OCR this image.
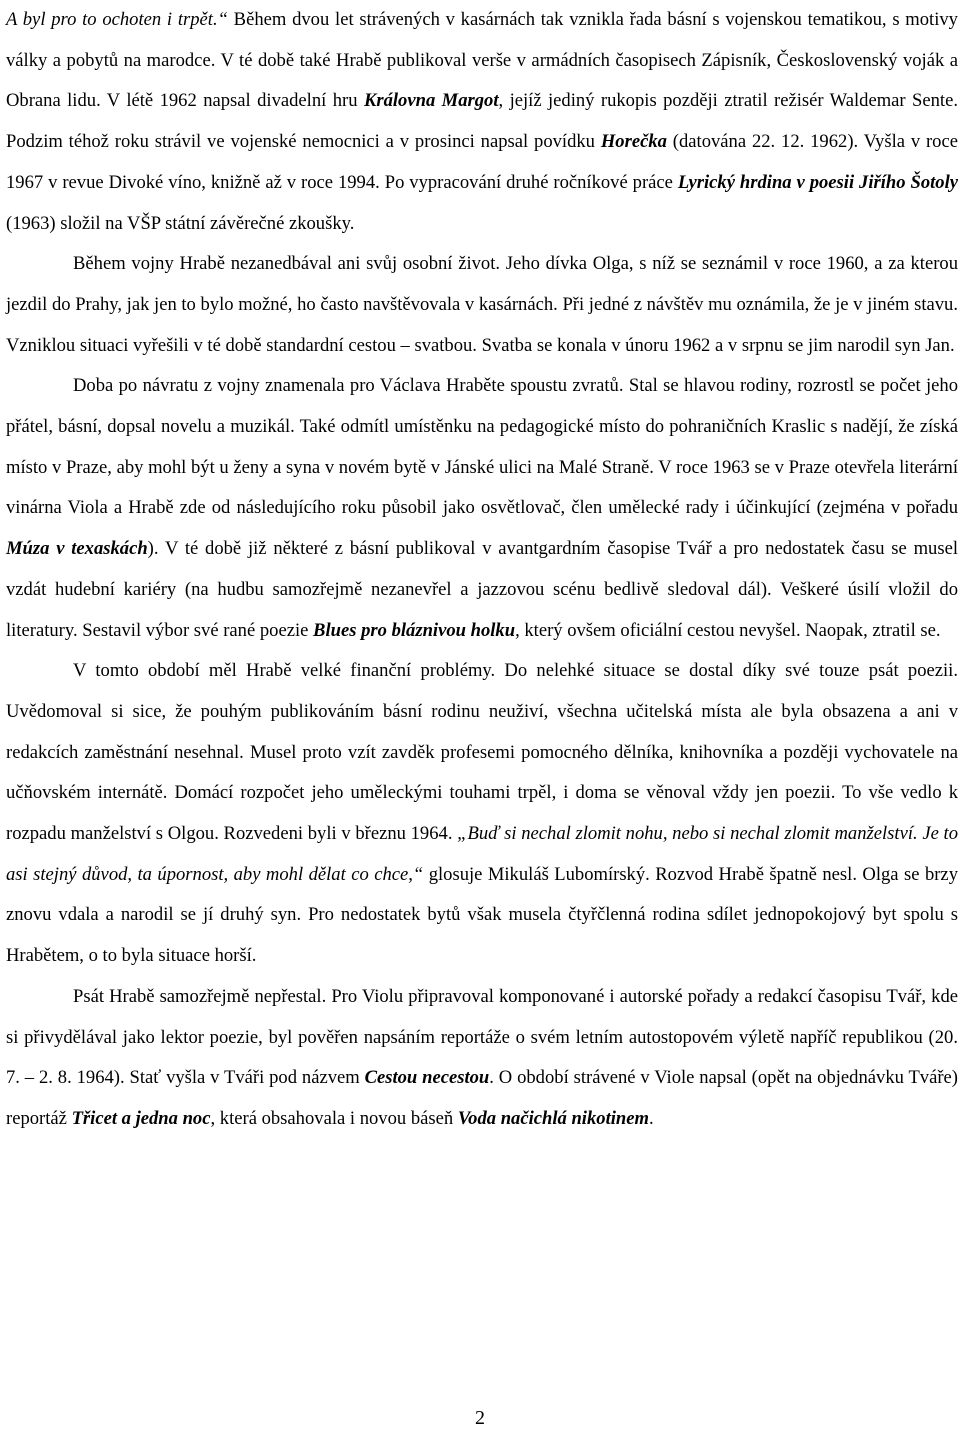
A byl pro to ochoten i trpět.“ Během dvou let strávených v kasárnách tak vznikla řada básní s vojenskou tematikou, s motivy války a pobytů na marodce. V té době také Hrabě publikoval verše v armádních časopisech Zápisník, Československý voják a Obrana lidu. V létě 1962 napsal divadelní hru Královna Margot, jejíž jediný rukopis později ztratil režisér Waldemar Sente. Podzim téhož roku strávil ve vojenské nemocnici a v prosinci napsal povídku Horečka (datována 22. 12. 1962). Vyšla v roce 1967 v revue Divoké víno, knižně až v roce 1994. Po vypracování druhé ročníkové práce Lyrický hrdina v poesii Jiřího Šotoly (1963) složil na VŠP státní závěrečné zkoušky.

Během vojny Hrabě nezanedbával ani svůj osobní život. Jeho dívka Olga, s níž se seznámil v roce 1960, a za kterou jezdil do Prahy, jak jen to bylo možné, ho často navštěvovala v kasárnách. Při jedné z návštěv mu oznámila, že je v jiném stavu. Vzniklou situaci vyřešili v té době standardní cestou – svatbou. Svatba se konala v únoru 1962 a v srpnu se jim narodil syn Jan.

Doba po návratu z vojny znamenala pro Václava Hraběte spoustu zvratů. Stal se hlavou rodiny, rozrostl se počet jeho přátel, básní, dopsal novelu a muzikál. Také odmítl umístěnku na pedagogické místo do pohraničních Kraslic s nadějí, že získá místo v Praze, aby mohl být u ženy a syna v novém bytě v Jánské ulici na Malé Straně. V roce 1963 se v Praze otevřela literární vinárna Viola a Hrabě zde od následujícího roku působil jako osvětlovač, člen umělecké rady i účinkující (zejména v pořadu Múza v texaskách). V té době již některé z básní publikoval v avantgardním časopise Tvář a pro nedostatek času se musel vzdát hudební kariéry (na hudbu samozřejmě nezanevřel a jazzovou scénu bedlivě sledoval dál). Veškeré úsilí vložil do literatury. Sestavil výbor své rané poezie Blues pro bláznivou holku, který ovšem oficiální cestou nevyšel. Naopak, ztratil se.

V tomto období měl Hrabě velké finanční problémy. Do nelehké situace se dostal díky své touze psát poezii. Uvědomoval si sice, že pouhým publikováním básní rodinu neuživí, všechna učitelská místa ale byla obsazena a ani v redakcích zaměstnání nesehnal. Musel proto vzít zavděk profesemi pomocného dělníka, knihovníka a později vychovatele na učňovském internátě. Domácí rozpočet jeho uměleckými touhami trpěl, i doma se věnoval vždy jen poezii. To vše vedlo k rozpadu manželství s Olgou. Rozvedeni byli v březnu 1964. „Buď si nechal zlomit nohu, nebo si nechal zlomit manželství. Je to asi stejný důvod, ta úpornost, aby mohl dělat co chce,“ glosuje Mikuláš Lubomírský. Rozvod Hrabě špatně nesl. Olga se brzy znovu vdala a narodil se jí druhý syn. Pro nedostatek bytů však musela čtyřčlenná rodina sdílet jednopokojový byt spolu s Hrabětem, o to byla situace horší.

Psát Hrabě samozřejmě nepřestal. Pro Violu připravoval komponované i autorské pořady a redakcí časopisu Tvář, kde si přivydělával jako lektor poezie, byl pověřen napsáním reportáže o svém letním autostopovém výletě napříč republikou (20. 7. – 2. 8. 1964). Stať vyšla v Tváři pod názvem Cestou necestou. O období strávené v Viole napsal (opět na objednávku Tváře) reportáž Třicet a jedna noc, která obsahovala i novou báseň Voda načichlá nikotinem.

2
